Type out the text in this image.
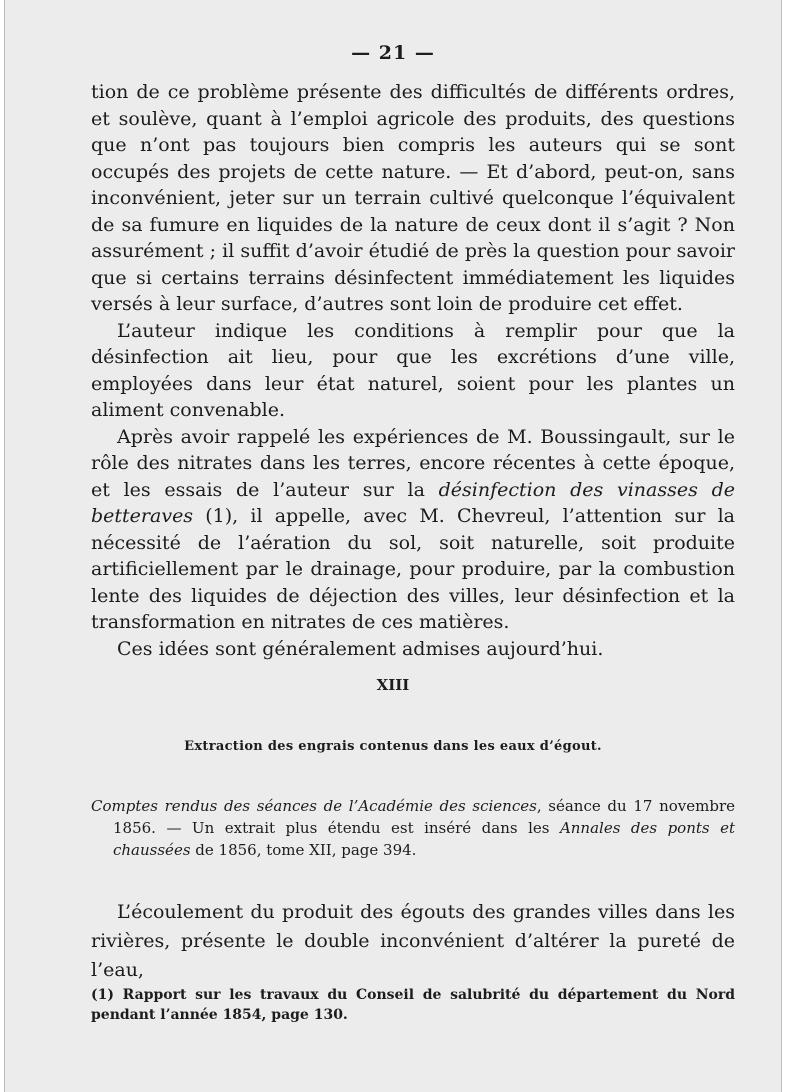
— 21 —

tion de ce problème présente des difficultés de différents ordres, et soulève, quant à l’emploi agricole des produits, des questions que n’ont pas toujours bien compris les auteurs qui se sont occupés des projets de cette nature. — Et d’abord, peut-on, sans inconvénient, jeter sur un terrain cultivé quelconque l’équivalent de sa fumure en liquides de la nature de ceux dont il s’agit ? Non assurément ; il suffit d’avoir étudié de près la question pour savoir que si certains terrains désinfectent immédiatement les liquides versés à leur surface, d’autres sont loin de produire cet effet.

L’auteur indique les conditions à remplir pour que la désinfection ait lieu, pour que les excrétions d’une ville, employées dans leur état naturel, soient pour les plantes un aliment convenable.

Après avoir rappelé les expériences de M. Boussingault, sur le rôle des nitrates dans les terres, encore récentes à cette époque, et les essais de l’auteur sur la désinfection des vinasses de betteraves (1), il appelle, avec M. Chevreul, l’attention sur la nécessité de l’aération du sol, soit naturelle, soit produite artificiellement par le drainage, pour produire, par la combustion lente des liquides de déjection des villes, leur désinfection et la transformation en nitrates de ces matières.

Ces idées sont généralement admises aujourd’hui.

XIII
Extraction des engrais contenus dans les eaux d’égout.

Comptes rendus des séances de l’Académie des sciences, séance du 17 novembre 1856. — Un extrait plus étendu est inséré dans les Annales des ponts et chaussées de 1856, tome XII, page 394.

L’écoulement du produit des égouts des grandes villes dans les rivières, présente le double inconvénient d’altérer la pureté de l’eau,

(1) Rapport sur les travaux du Conseil de salubrité du département du Nord pendant l’année 1854, page 130.
